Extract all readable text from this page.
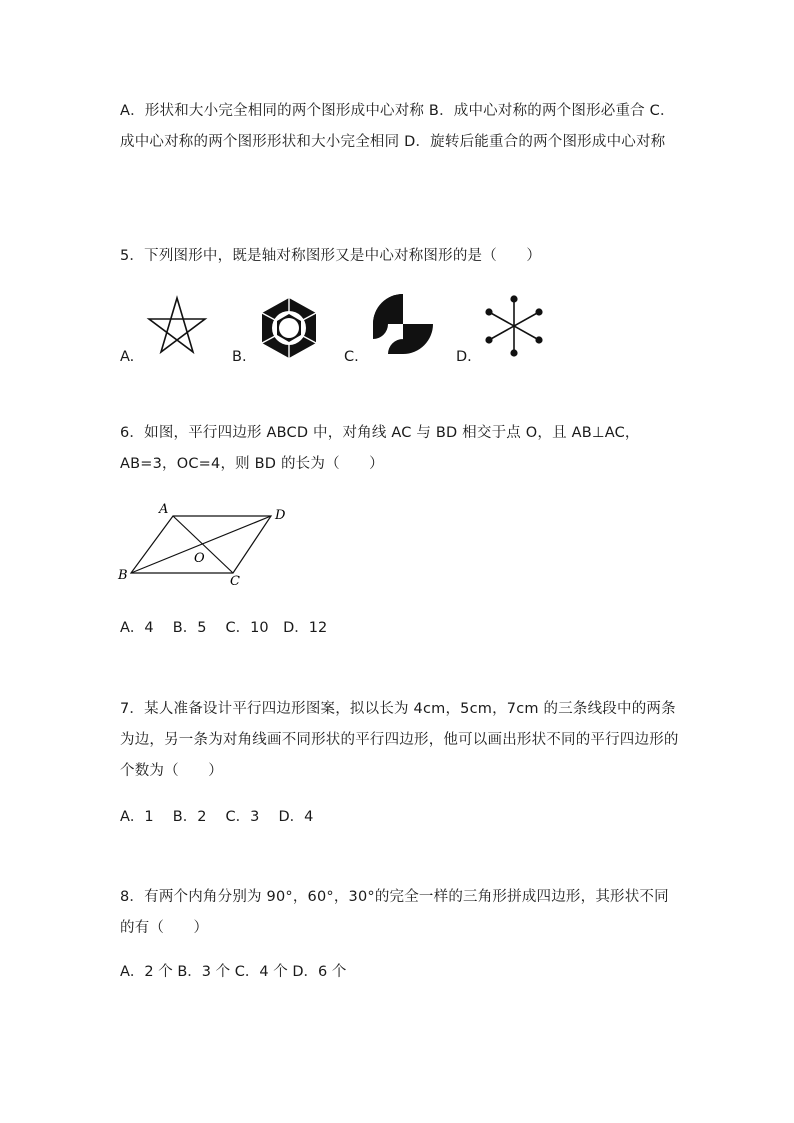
A．形状和大小完全相同的两个图形成中心对称 B．成中心对称的两个图形必重合 C．成中心对称的两个图形形状和大小完全相同 D．旋转后能重合的两个图形成中心对称
5．下列图形中，既是轴对称图形又是中心对称图形的是（　　）
A.	B.	C.	D.
6．如图，平行四边形 ABCD 中，对角线 AC 与 BD 相交于点 O，且 AB⊥AC，AB=3，OC=4，则 BD 的长为（　　）
A	D
B	C
O
A．4　 B．5　 C．10　D．12
7．某人准备设计平行四边形图案，拟以长为 4cm，5cm，7cm 的三条线段中的两条为边，另一条为对角线画不同形状的平行四边形，他可以画出形状不同的平行四边形的个数为（　　）
A．1　 B．2　 C．3　 D．4
8．有两个内角分别为 90°，60°，30°的完全一样的三角形拼成四边形，其形状不同的有（　　）
A．2 个 B．3 个 C．4 个 D．6 个
